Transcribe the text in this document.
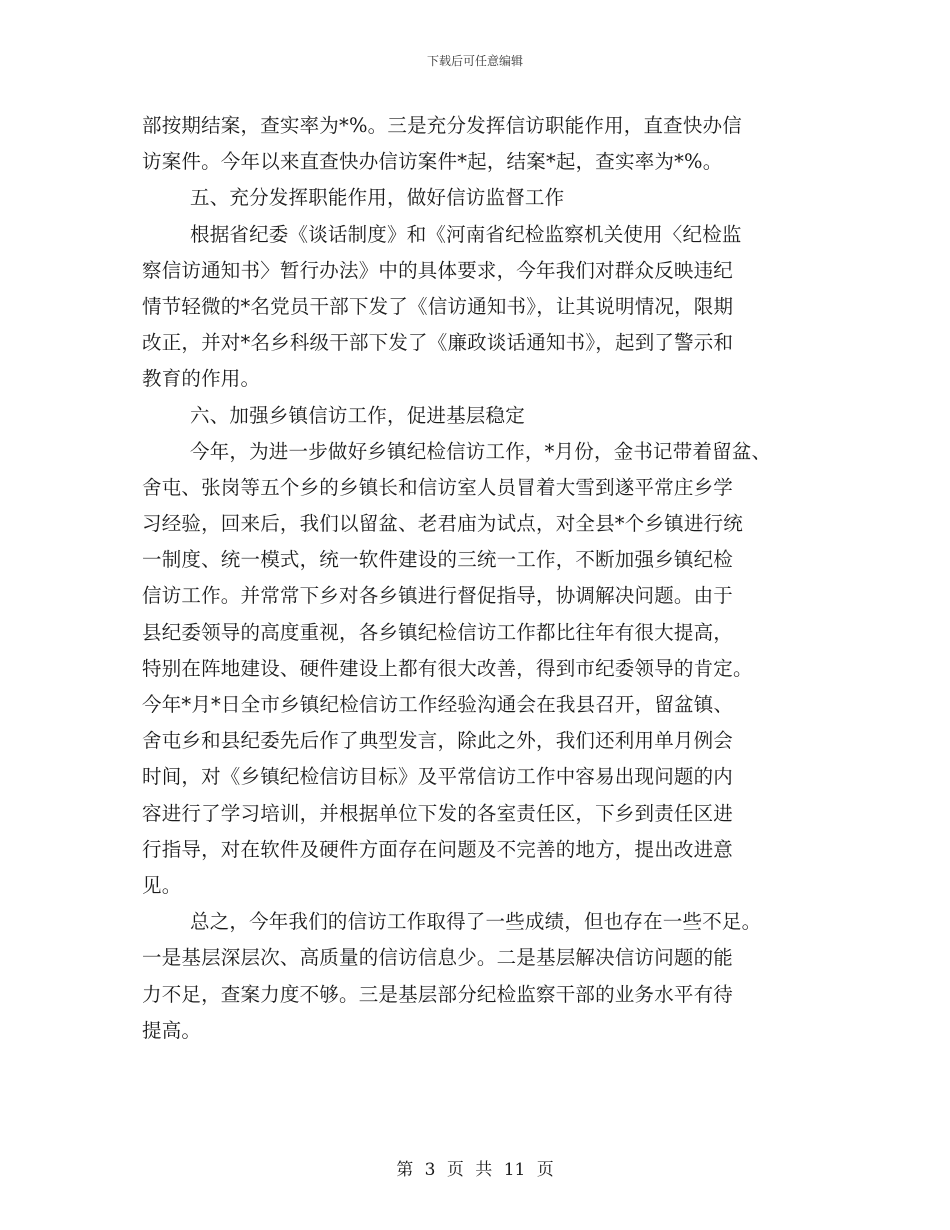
下载后可任意编辑
部按期结案，查实率为*%。三是充分发挥信访职能作用，直查快办信
访案件。今年以来直查快办信访案件*起，结案*起，查实率为*%。
五、充分发挥职能作用，做好信访监督工作
根据省纪委《谈话制度》和《河南省纪检监察机关使用〈纪检监
察信访通知书〉暂行办法》中的具体要求，今年我们对群众反映违纪
情节轻微的*名党员干部下发了《信访通知书》，让其说明情况，限期
改正，并对*名乡科级干部下发了《廉政谈话通知书》，起到了警示和
教育的作用。
六、加强乡镇信访工作，促进基层稳定
今年，为进一步做好乡镇纪检信访工作，*月份，金书记带着留盆、
舍屯、张岗等五个乡的乡镇长和信访室人员冒着大雪到遂平常庄乡学
习经验，回来后，我们以留盆、老君庙为试点，对全县*个乡镇进行统
一制度、统一模式，统一软件建设的三统一工作，不断加强乡镇纪检
信访工作。并常常下乡对各乡镇进行督促指导，协调解决问题。由于
县纪委领导的高度重视，各乡镇纪检信访工作都比往年有很大提高，
特别在阵地建设、硬件建设上都有很大改善，得到市纪委领导的肯定。
今年*月*日全市乡镇纪检信访工作经验沟通会在我县召开，留盆镇、
舍屯乡和县纪委先后作了典型发言，除此之外，我们还利用单月例会
时间，对《乡镇纪检信访目标》及平常信访工作中容易出现问题的内
容进行了学习培训，并根据单位下发的各室责任区，下乡到责任区进
行指导，对在软件及硬件方面存在问题及不完善的地方，提出改进意
见。
总之，今年我们的信访工作取得了一些成绩，但也存在一些不足。
一是基层深层次、高质量的信访信息少。二是基层解决信访问题的能
力不足，查案力度不够。三是基层部分纪检监察干部的业务水平有待
提高。
第 3 页 共 11 页
